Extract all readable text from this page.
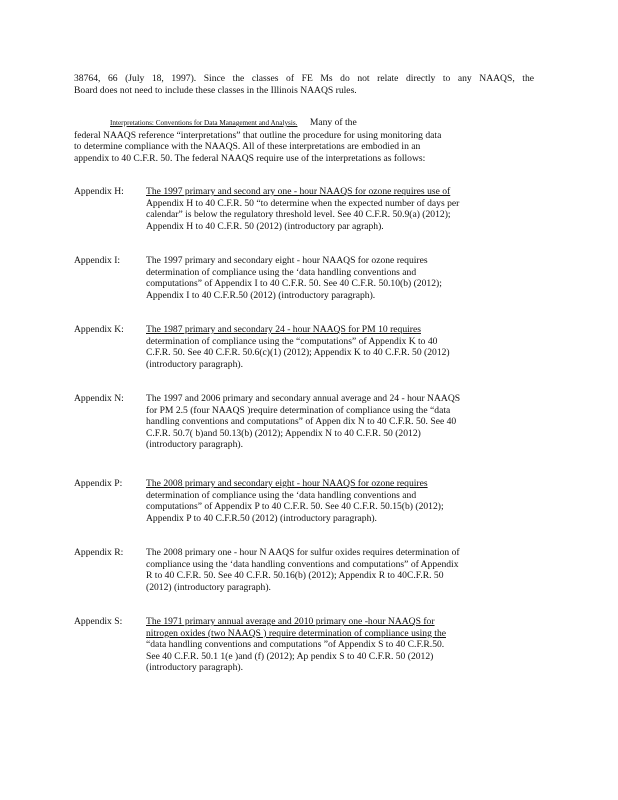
38764, 66 (July 18, 1997). Since the classes of FE Ms do not relate directly to any NAAQS, the
Board does not need to include these classes in the Illinois NAAQS rules.
Interpretations: Conventions for Data Management and Analysis. Many of the
federal NAAQS reference “interpretations” that outline the procedure for using monitoring data
to determine compliance with the NAAQS. All of these interpretations are embodied in an
appendix to 40 C.F.R. 50. The federal NAAQS require use of the interpretations as follows:
Appendix H: The 1997 primary and second ary one - hour NAAQS for ozone requires use of
Appendix H to 40 C.F.R. 50 “to determine when the expected number of days per
calendar” is below the regulatory threshold level. See 40 C.F.R. 50.9(a) (2012);
Appendix H to 40 C.F.R. 50 (2012) (introductory par agraph).
Appendix I:	The 1997 primary and secondary eight - hour NAAQS for ozone requires
determination of compliance using the ‘data handling conventions and
computations” of Appendix I to 40 C.F.R. 50. See 40 C.F.R. 50.10(b) (2012);
Appendix I to 40 C.F.R.50 (2012) (introductory paragraph).
Appendix K: The 1987 primary and secondary 24 - hour NAAQS for PM 10 requires
determination of compliance using the “computations” of Appendix K to 40
C.F.R. 50. See 40 C.F.R. 50.6(c)(1) (2012); Appendix K to 40 C.F.R. 50 (2012)
(introductory paragraph).
Appendix N: The 1997 and 2006 primary and secondary annual average and 24 - hour NAAQS
for PM 2.5 (four NAAQS )require determination of compliance using the “data
handling conventions and computations” of Appen dix N to 40 C.F.R. 50. See 40
C.F.R. 50.7( b)and 50.13(b) (2012); Appendix N to 40 C.F.R. 50 (2012)
(introductory paragraph).
Appendix P: The 2008 primary and secondary eight - hour NAAQS for ozone requires
determination of compliance using the ‘data handling conventions and
computations” of Appendix P to 40 C.F.R. 50. See 40 C.F.R. 50.15(b) (2012);
Appendix P to 40 C.F.R.50 (2012) (introductory paragraph).
Appendix R: The 2008 primary one - hour N AAQS for sulfur oxides requires determination of
compliance using the ‘data handling conventions and computations” of Appendix
R to 40 C.F.R. 50. See 40 C.F.R. 50.16(b) (2012); Appendix R to 40C.F.R. 50
(2012) (introductory paragraph).
Appendix S: The 1971 primary annual average and 2010 primary one -hour NAAQS for
nitrogen oxides (two NAAQS ) require determination of compliance using the
“data handling conventions and computations ”of Appendix S to 40 C.F.R.50.
See 40 C.F.R. 50.1 1(e )and (f) (2012); Ap pendix S to 40 C.F.R. 50 (2012)
(introductory paragraph).
